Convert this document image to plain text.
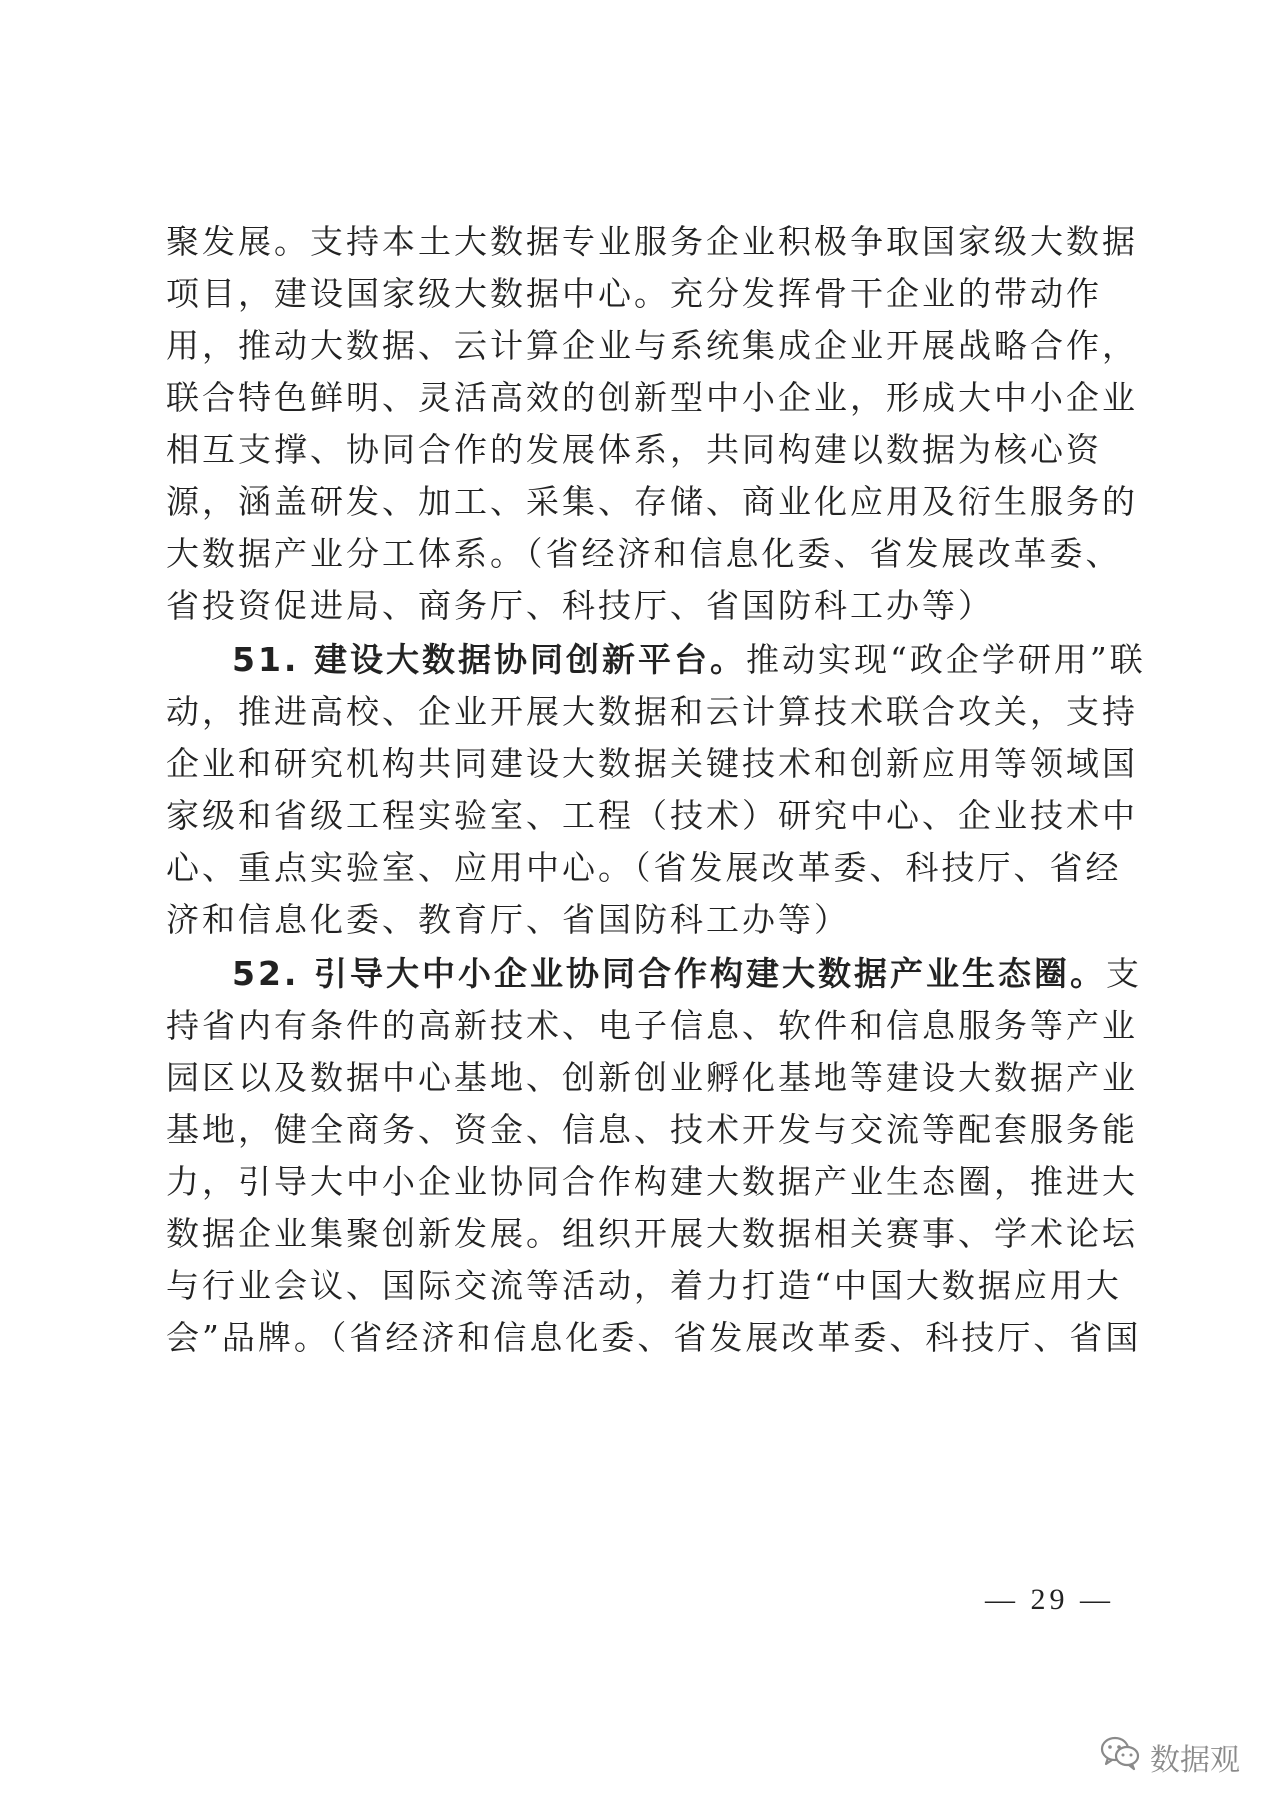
聚发展。支持本土大数据专业服务企业积极争取国家级大数据
项目，建设国家级大数据中心。充分发挥骨干企业的带动作
用，推动大数据、云计算企业与系统集成企业开展战略合作，
联合特色鲜明、灵活高效的创新型中小企业，形成大中小企业
相互支撑、协同合作的发展体系，共同构建以数据为核心资
源，涵盖研发、加工、采集、存储、商业化应用及衍生服务的
大数据产业分工体系。（省经济和信息化委、省发展改革委、
省投资促进局、商务厅、科技厅、省国防科工办等）
51. 建设大数据协同创新平台。推动实现“政企学研用”联
动，推进高校、企业开展大数据和云计算技术联合攻关，支持
企业和研究机构共同建设大数据关键技术和创新应用等领域国
家级和省级工程实验室、工程（技术）研究中心、企业技术中
心、重点实验室、应用中心。（省发展改革委、科技厅、省经
济和信息化委、教育厅、省国防科工办等）
52. 引导大中小企业协同合作构建大数据产业生态圈。支
持省内有条件的高新技术、电子信息、软件和信息服务等产业
园区以及数据中心基地、创新创业孵化基地等建设大数据产业
基地，健全商务、资金、信息、技术开发与交流等配套服务能
力，引导大中小企业协同合作构建大数据产业生态圈，推进大
数据企业集聚创新发展。组织开展大数据相关赛事、学术论坛
与行业会议、国际交流等活动，着力打造“中国大数据应用大
会”品牌。（省经济和信息化委、省发展改革委、科技厅、省国
— 29 —
数据观
